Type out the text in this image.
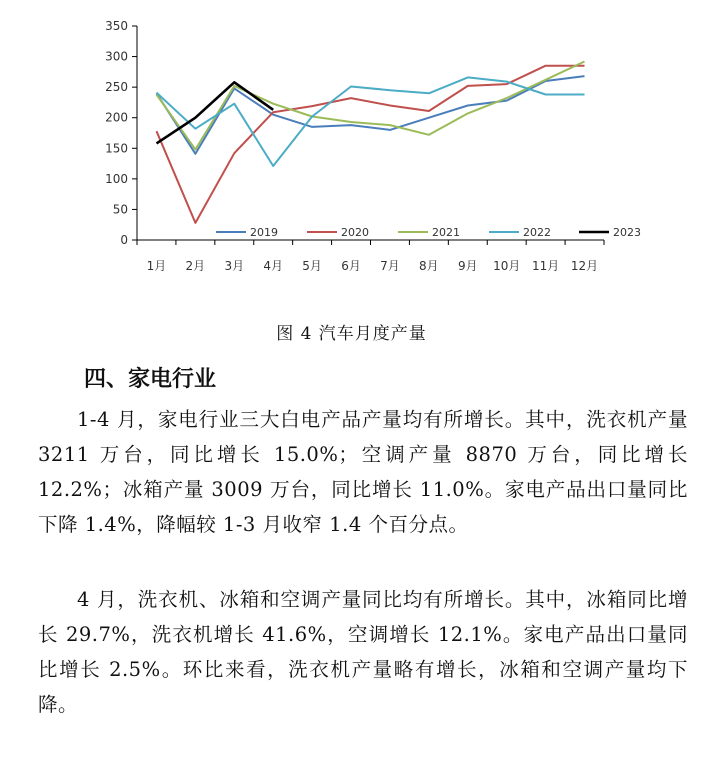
0
50
100
150
200
250
300
350
1月 2月 3月 4月 5月 6月 7月 8月 9月 10月 11月 12月
2019	2020	2021	2022	2023
图 4 汽车月度产量
四、家电行业

1-4 月，家电行业三大白电产品产量均有所增长。其中，洗衣机产量 3211 万台，同比增长 15.0%；空调产量 8870 万台，同比增长 12.2%；冰箱产量 3009 万台，同比增长 11.0%。家电产品出口量同比下降 1.4%，降幅较 1-3 月收窄 1.4 个百分点。

4 月，洗衣机、冰箱和空调产量同比均有所增长。其中，冰箱同比增长 29.7%，洗衣机增长 41.6%，空调增长 12.1%。家电产品出口量同比增长 2.5%。环比来看，洗衣机产量略有增长，冰箱和空调产量均下降。
